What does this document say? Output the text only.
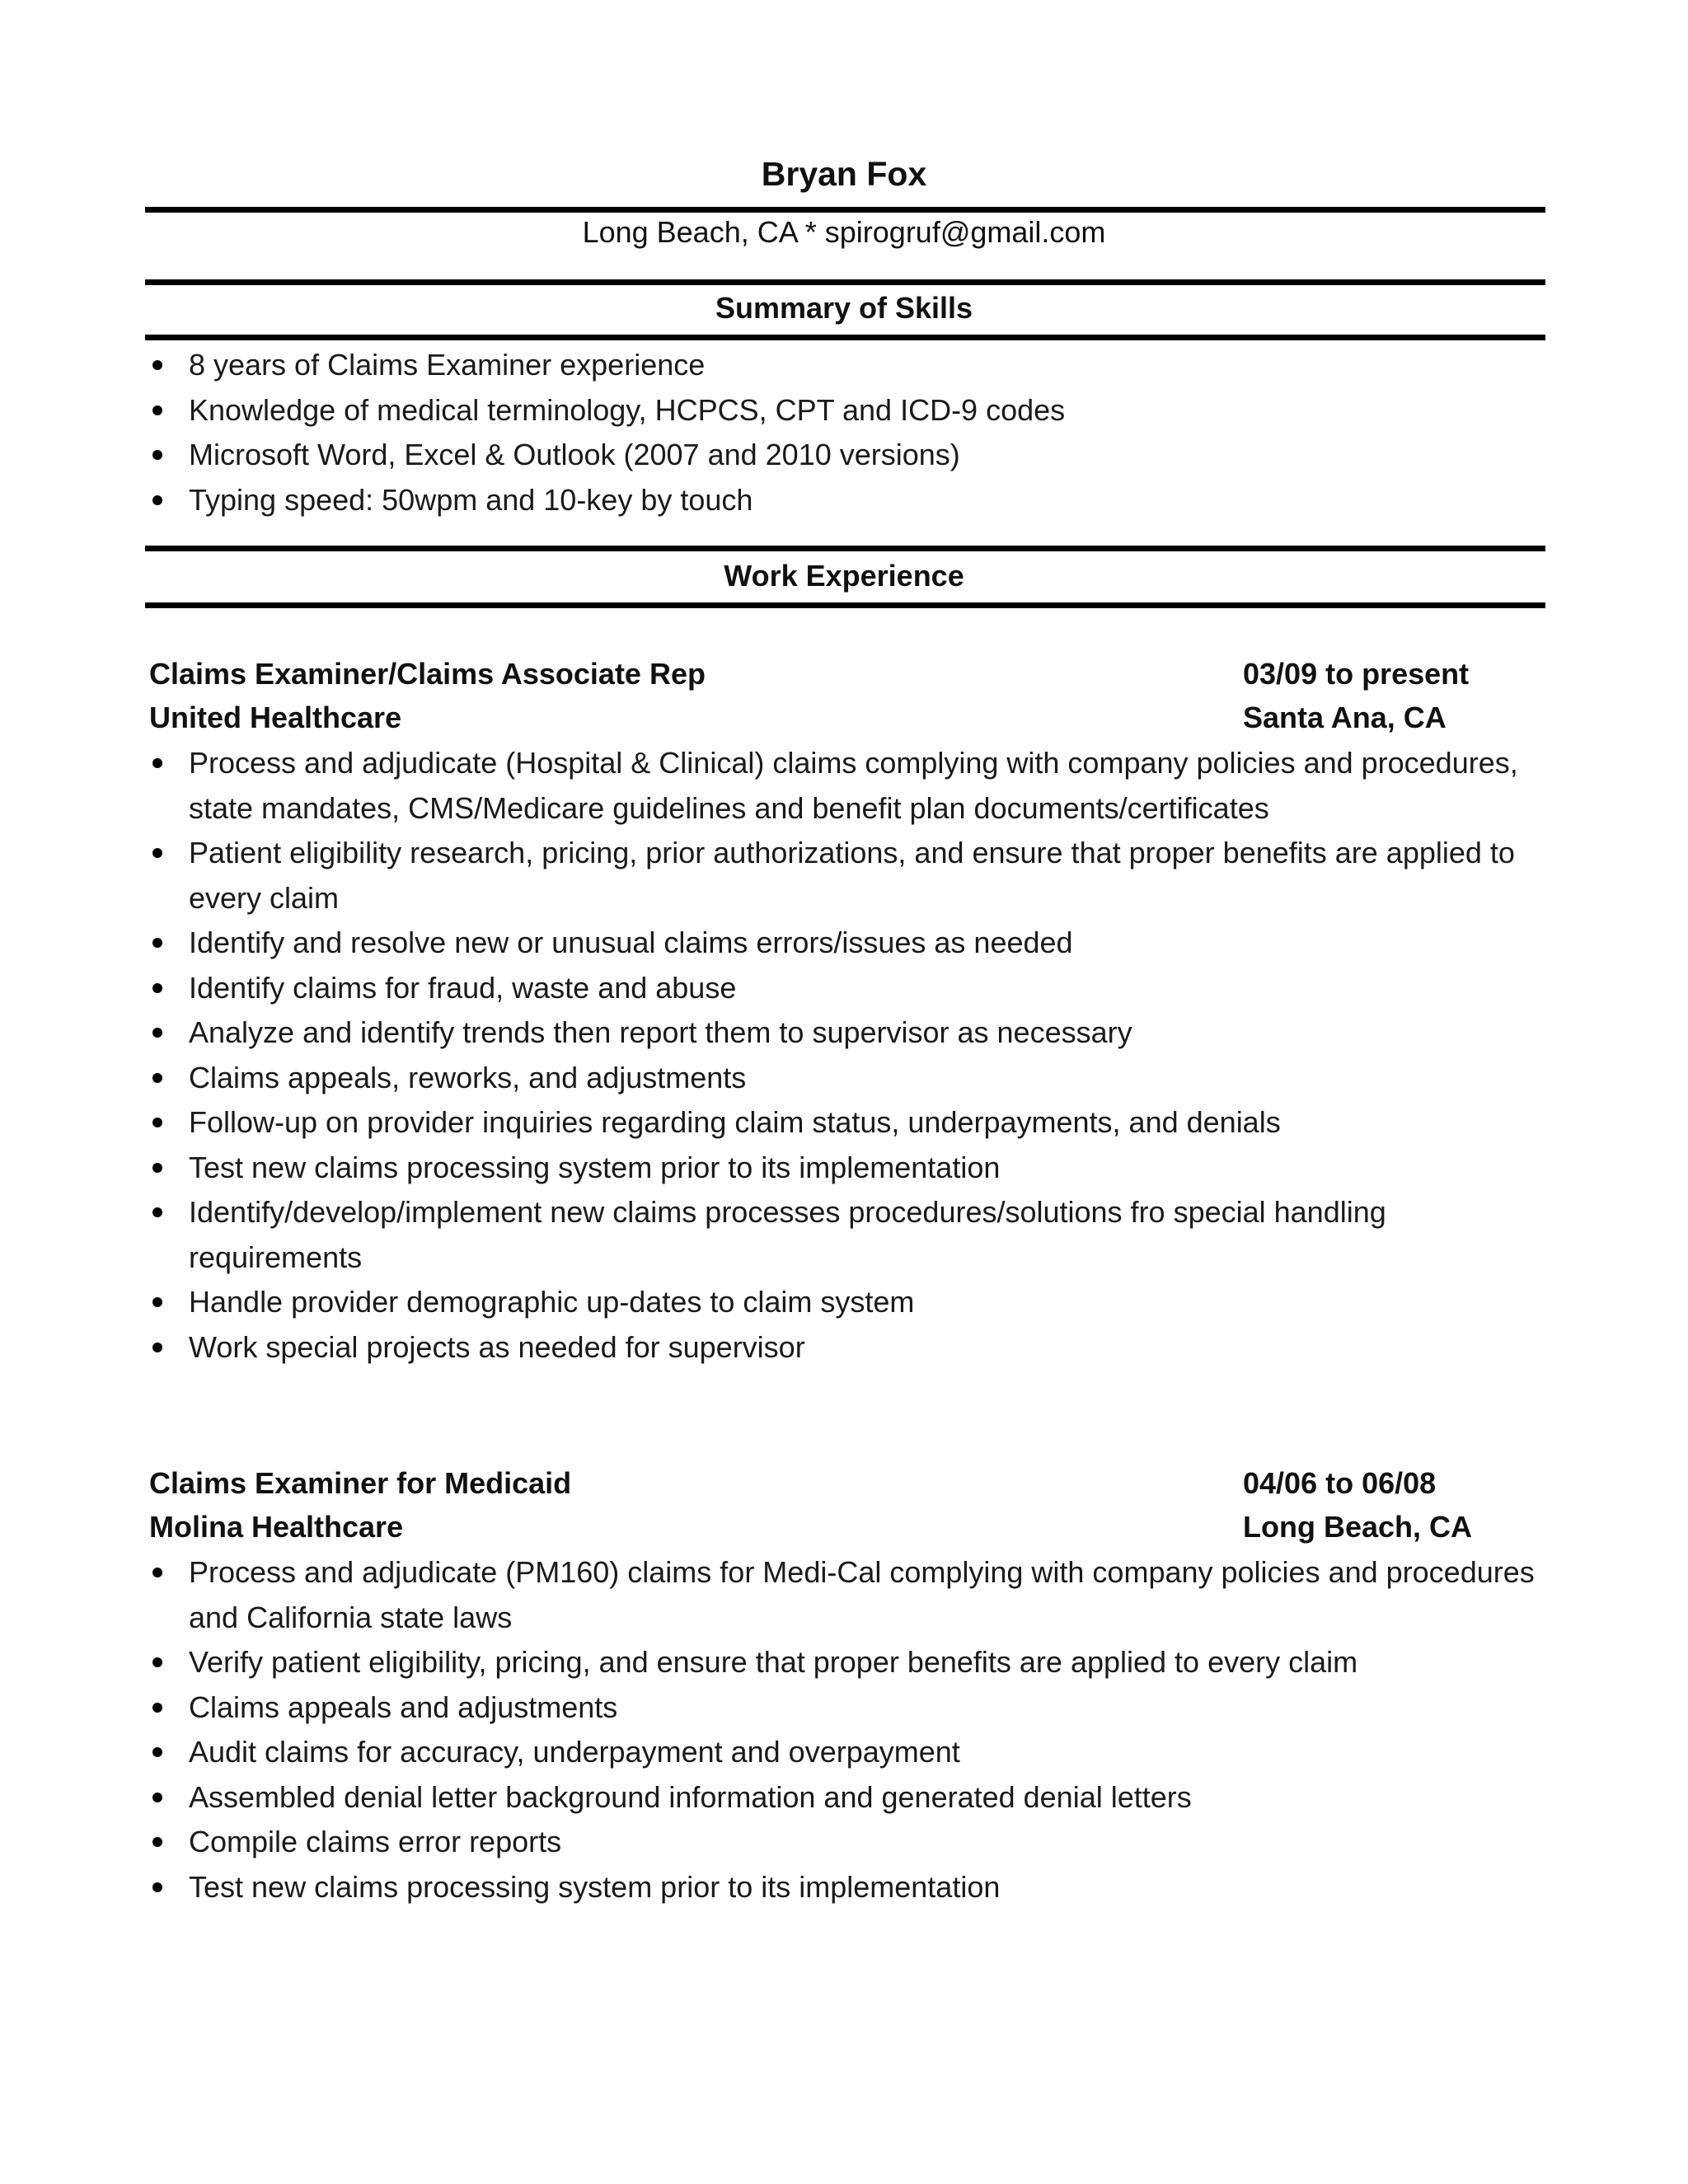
Bryan Fox
Long Beach, CA * spirogruf@gmail.com
Summary of Skills
8 years of Claims Examiner experience
Knowledge of medical terminology, HCPCS, CPT and ICD-9 codes
Microsoft Word, Excel & Outlook (2007 and 2010 versions)
Typing speed: 50wpm and 10-key by touch
Work Experience
Claims Examiner/Claims Associate Rep	03/09 to present
United Healthcare	Santa Ana, CA
Process and adjudicate (Hospital & Clinical) claims complying with company policies and procedures, state mandates, CMS/Medicare guidelines and benefit plan documents/certificates
Patient eligibility research, pricing, prior authorizations, and ensure that proper benefits are applied to every claim
Identify and resolve new or unusual claims errors/issues as needed
Identify claims for fraud, waste and abuse
Analyze and identify trends then report them to supervisor as necessary
Claims appeals, reworks, and adjustments
Follow-up on provider inquiries regarding claim status, underpayments, and denials
Test new claims processing system prior to its implementation
Identify/develop/implement new claims processes procedures/solutions fro special handling requirements
Handle provider demographic up-dates to claim system
Work special projects as needed for supervisor
Claims Examiner for Medicaid	04/06 to 06/08
Molina Healthcare	Long Beach, CA
Process and adjudicate (PM160) claims for Medi-Cal complying with company policies and procedures and California state laws
Verify patient eligibility, pricing, and ensure that proper benefits are applied to every claim
Claims appeals and adjustments
Audit claims for accuracy, underpayment and overpayment
Assembled denial letter background information and generated denial letters
Compile claims error reports
Test new claims processing system prior to its implementation
